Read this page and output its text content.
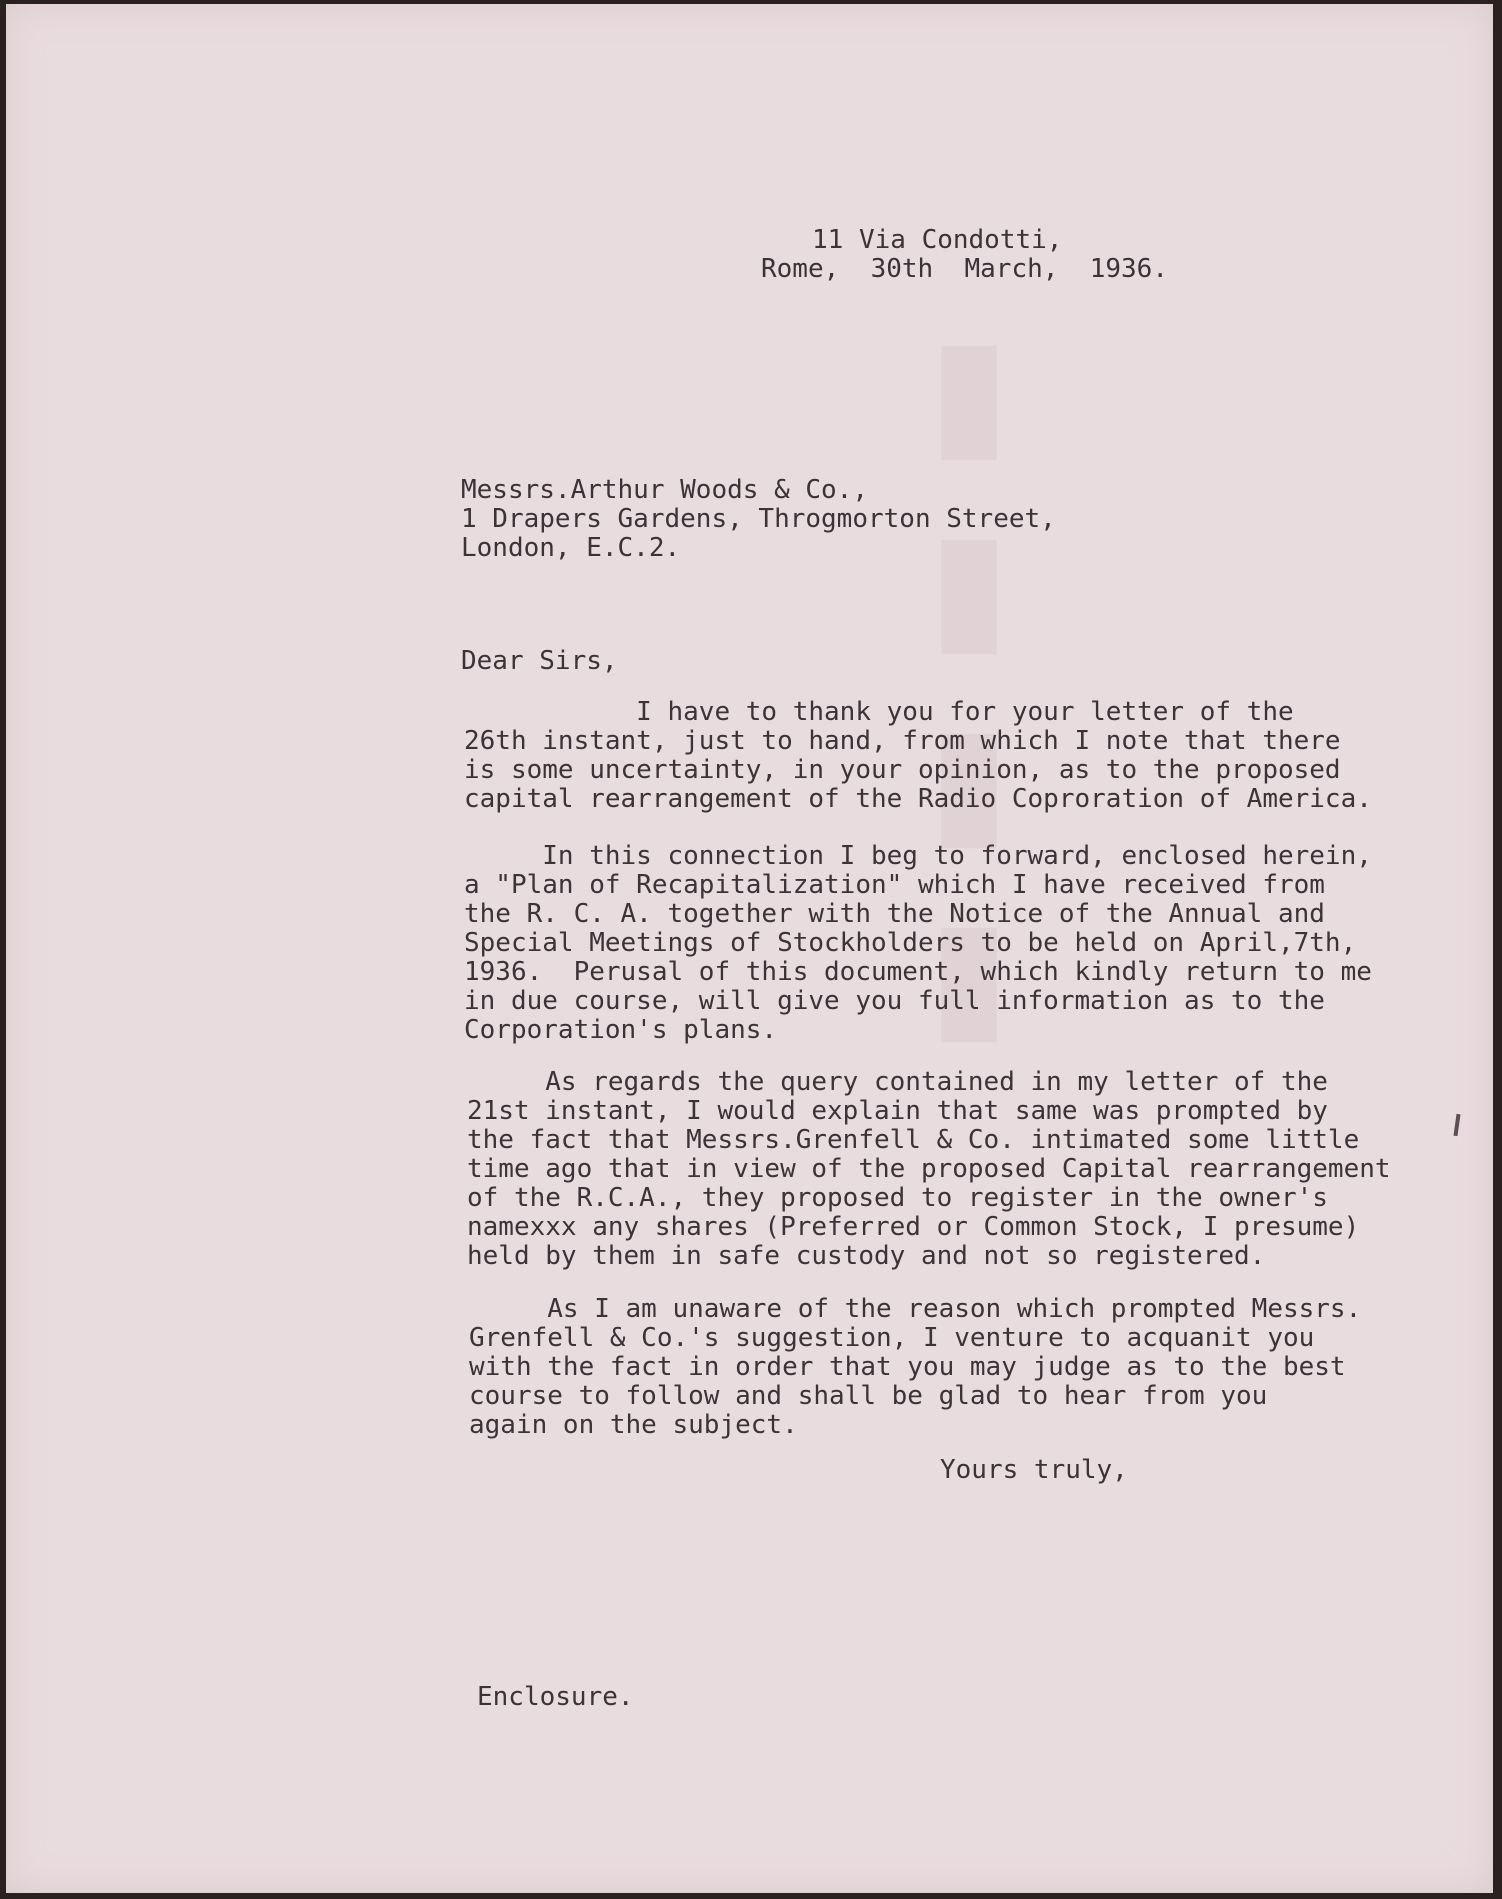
▮▮▮▮
11 Via Condotti,
Rome,  30th  March,  1936.
Messrs.Arthur Woods & Co.,
1 Drapers Gardens, Throgmorton Street,
London, E.C.2.
Dear Sirs,
I have to thank you for your letter of the
26th instant, just to hand, from which I note that there
is some uncertainty, in your opinion, as to the proposed
capital rearrangement of the Radio Coproration of America.
In this connection I beg to forward, enclosed herein,
a "Plan of Recapitalization" which I have received from
the R. C. A. together with the Notice of the Annual and
Special Meetings of Stockholders to be held on April,7th,
1936.  Perusal of this document, which kindly return to me
in due course, will give you full information as to the
Corporation's plans.
As regards the query contained in my letter of the
21st instant, I would explain that same was prompted by
the fact that Messrs.Grenfell & Co. intimated some little
time ago that in view of the proposed Capital rearrangement
of the R.C.A., they proposed to register in the owner's
namexxx any shares (Preferred or Common Stock, I presume)
held by them in safe custody and not so registered.
As I am unaware of the reason which prompted Messrs.
Grenfell & Co.'s suggestion, I venture to acquanit you
with the fact in order that you may judge as to the best
course to follow and shall be glad to hear from you
again on the subject.
Yours truly,
Enclosure.
